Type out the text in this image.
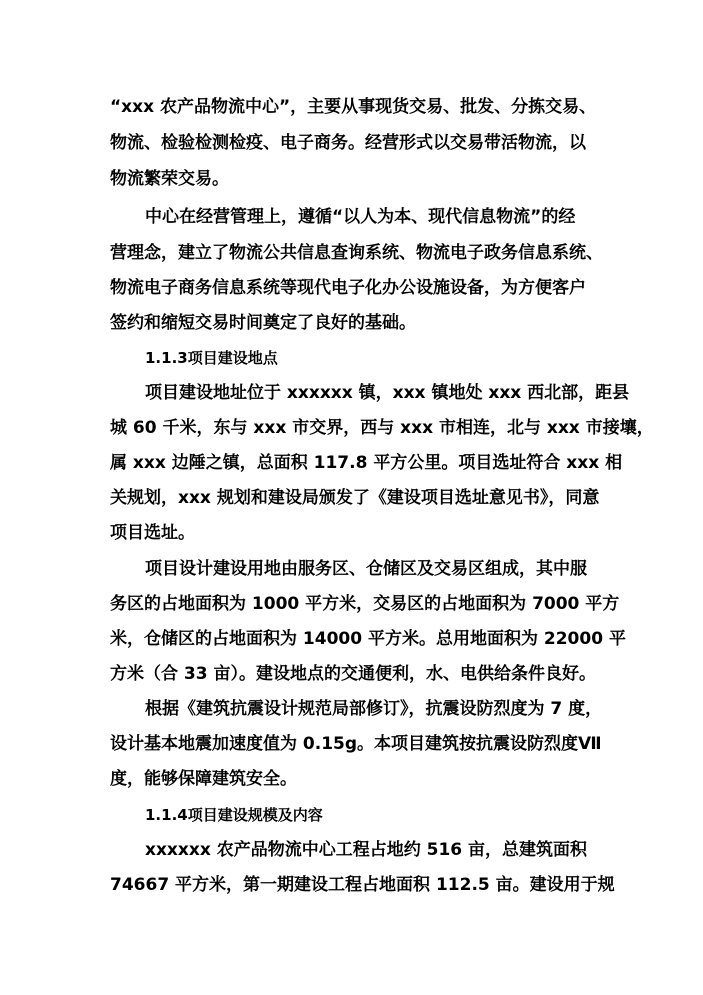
“xxx 农产品物流中心”，主要从事现货交易、批发、分拣交易、
物流、检验检测检疫、电子商务。经营形式以交易带活物流，以
物流繁荣交易。
中心在经营管理上，遵循“以人为本、现代信息物流”的经
营理念，建立了物流公共信息查询系统、物流电子政务信息系统、
物流电子商务信息系统等现代电子化办公设施设备，为方便客户
签约和缩短交易时间奠定了良好的基础。
1.1.3项目建设地点
项目建设地址位于 xxxxxx 镇，xxx 镇地处 xxx 西北部，距县
城 60 千米，东与 xxx 市交界，西与 xxx 市相连，北与 xxx 市接壤，
属 xxx 边陲之镇，总面积 117.8 平方公里。项目选址符合 xxx 相
关规划，xxx 规划和建设局颁发了《建设项目选址意见书》，同意
项目选址。
项目设计建设用地由服务区、仓储区及交易区组成，其中服
务区的占地面积为 1000 平方米，交易区的占地面积为 7000 平方
米，仓储区的占地面积为 14000 平方米。总用地面积为 22000 平
方米（合 33 亩）。建设地点的交通便利，水、电供给条件良好。
根据《建筑抗震设计规范局部修订》，抗震设防烈度为 7 度，
设计基本地震加速度值为 0.15g。本项目建筑按抗震设防烈度Ⅶ
度，能够保障建筑安全。
1.1.4项目建设规模及内容
xxxxxx 农产品物流中心工程占地约 516 亩，总建筑面积
74667 平方米，第一期建设工程占地面积 112.5 亩。建设用于规
